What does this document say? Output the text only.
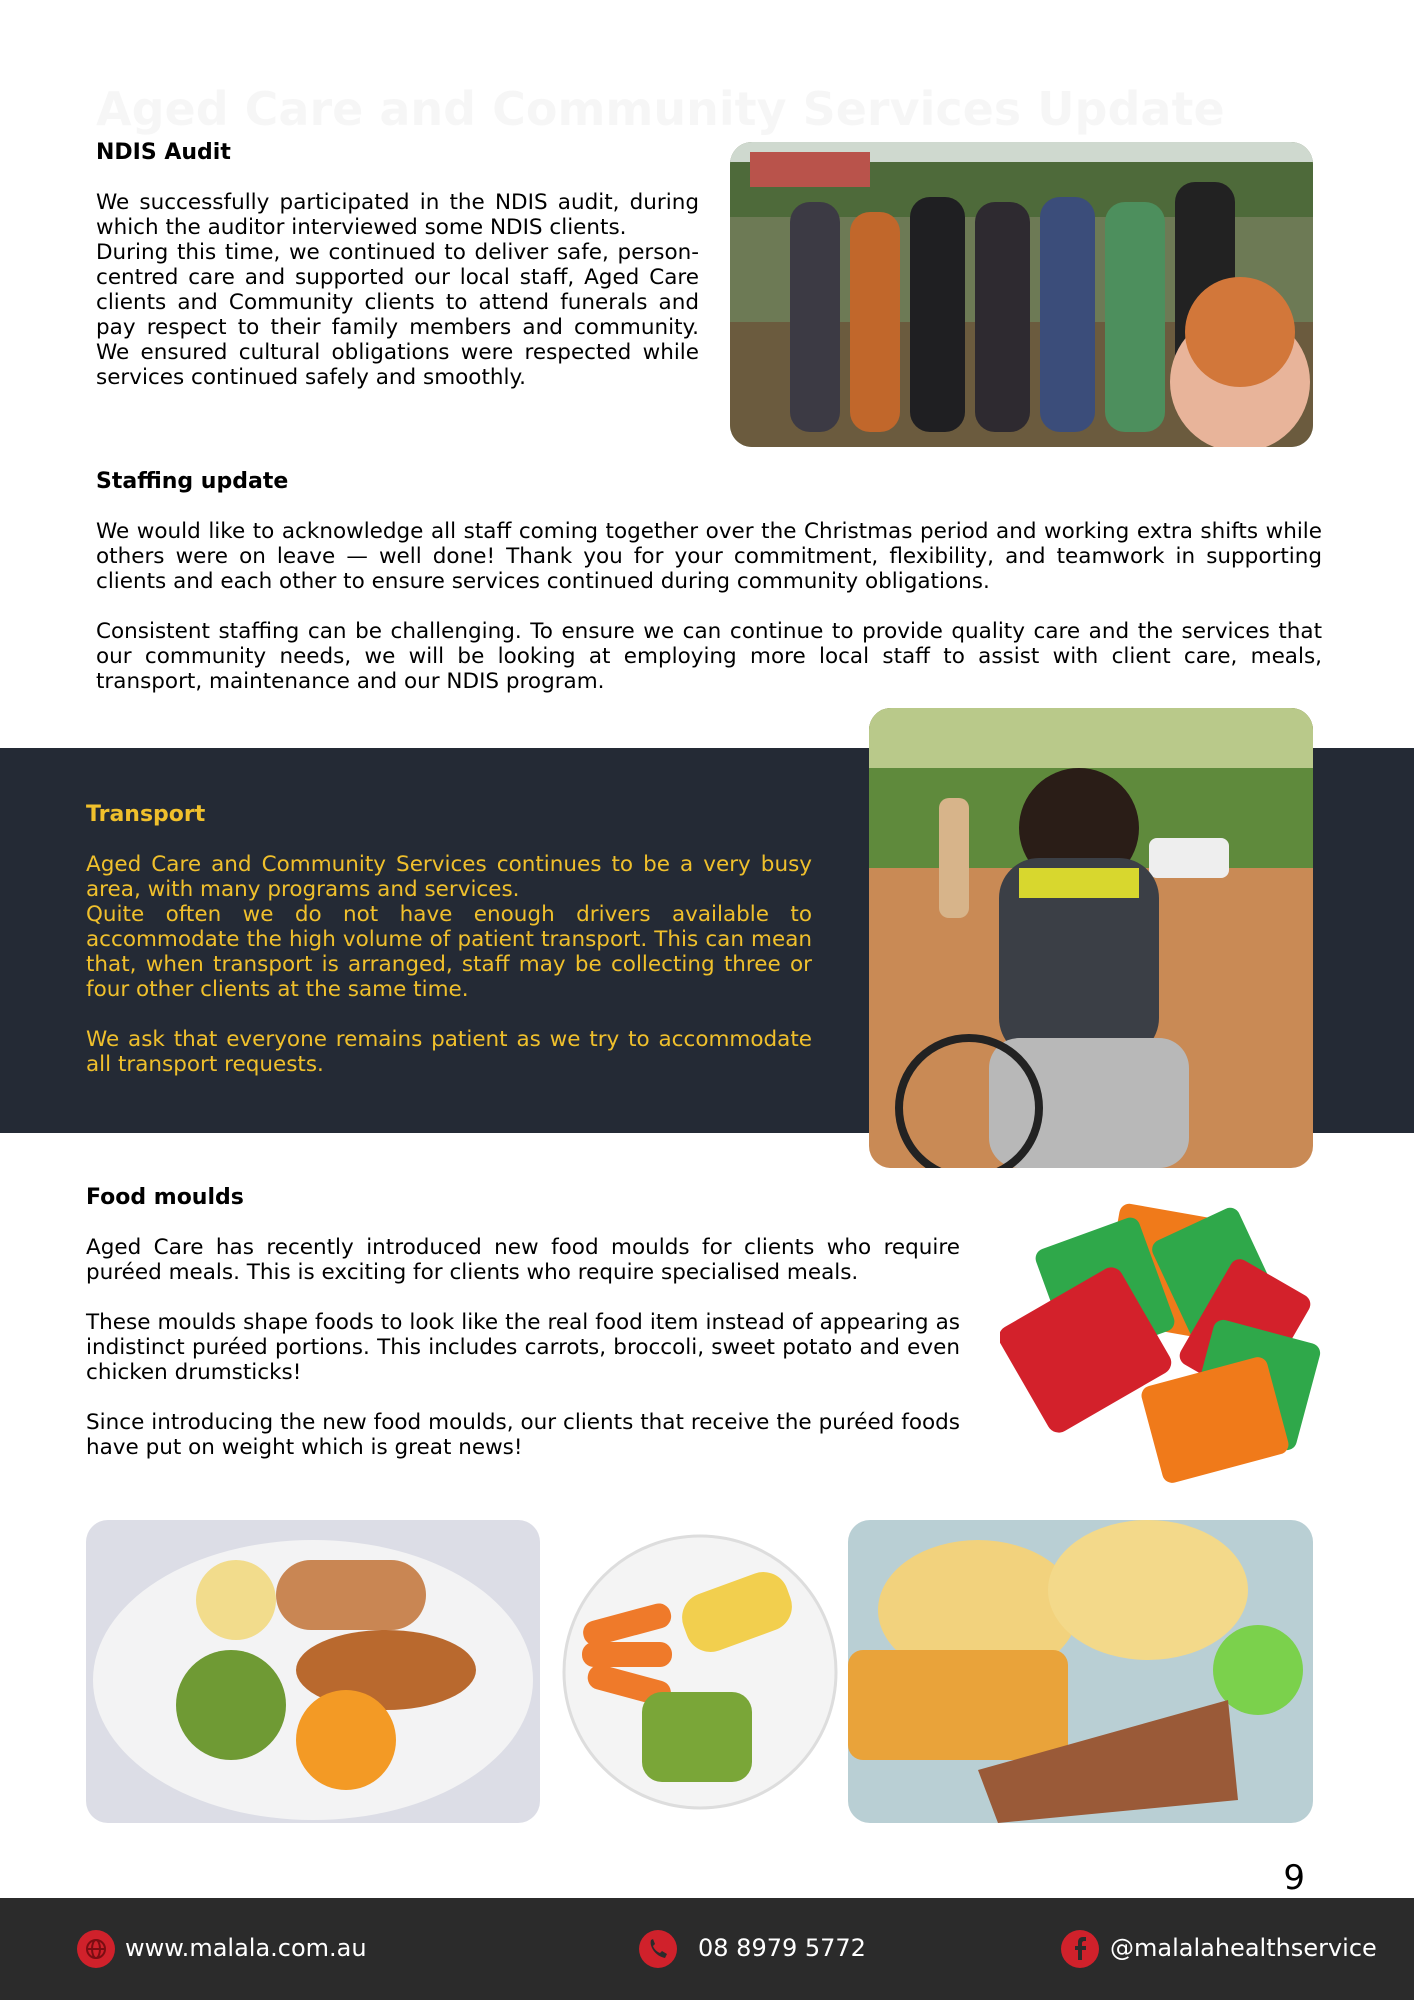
NDIS Audit

We successfully participated in the NDIS audit, during which the auditor interviewed some NDIS clients.

During this time, we continued to deliver safe, person-centred care and supported our local staff, Aged Care clients and Community clients to attend funerals and pay respect to their family members and community. We ensured cultural obligations were respected while services continued safely and smoothly.

Staffing update

We would like to acknowledge all staff coming together over the Christmas period and working extra shifts while others were on leave — well done! Thank you for your commitment, flexibility, and teamwork in supporting clients and each other to ensure services continued during community obligations.

Consistent staffing can be challenging. To ensure we can continue to provide quality care and the services that our community needs, we will be looking at employing more local staff to assist with client care, meals, transport, maintenance and our NDIS program.

Transport

Aged Care and Community Services continues to be a very busy area, with many programs and services.

Quite often we do not have enough drivers available to accommodate the high volume of patient transport. This can mean that, when transport is arranged, staff may be collecting three or four other clients at the same time.

We ask that everyone remains patient as we try to accommodate all transport requests.

Food moulds

Aged Care has recently introduced new food moulds for clients who require puréed meals. This is exciting for clients who require specialised meals.

These moulds shape foods to look like the real food item instead of appearing as indistinct puréed portions. This includes carrots, broccoli, sweet potato and even chicken drumsticks!

Since introducing the new food moulds, our clients that receive the puréed foods have put on weight which is great news!

9
www.malala.com.au	08 8979 5772	@malalahealthservice
